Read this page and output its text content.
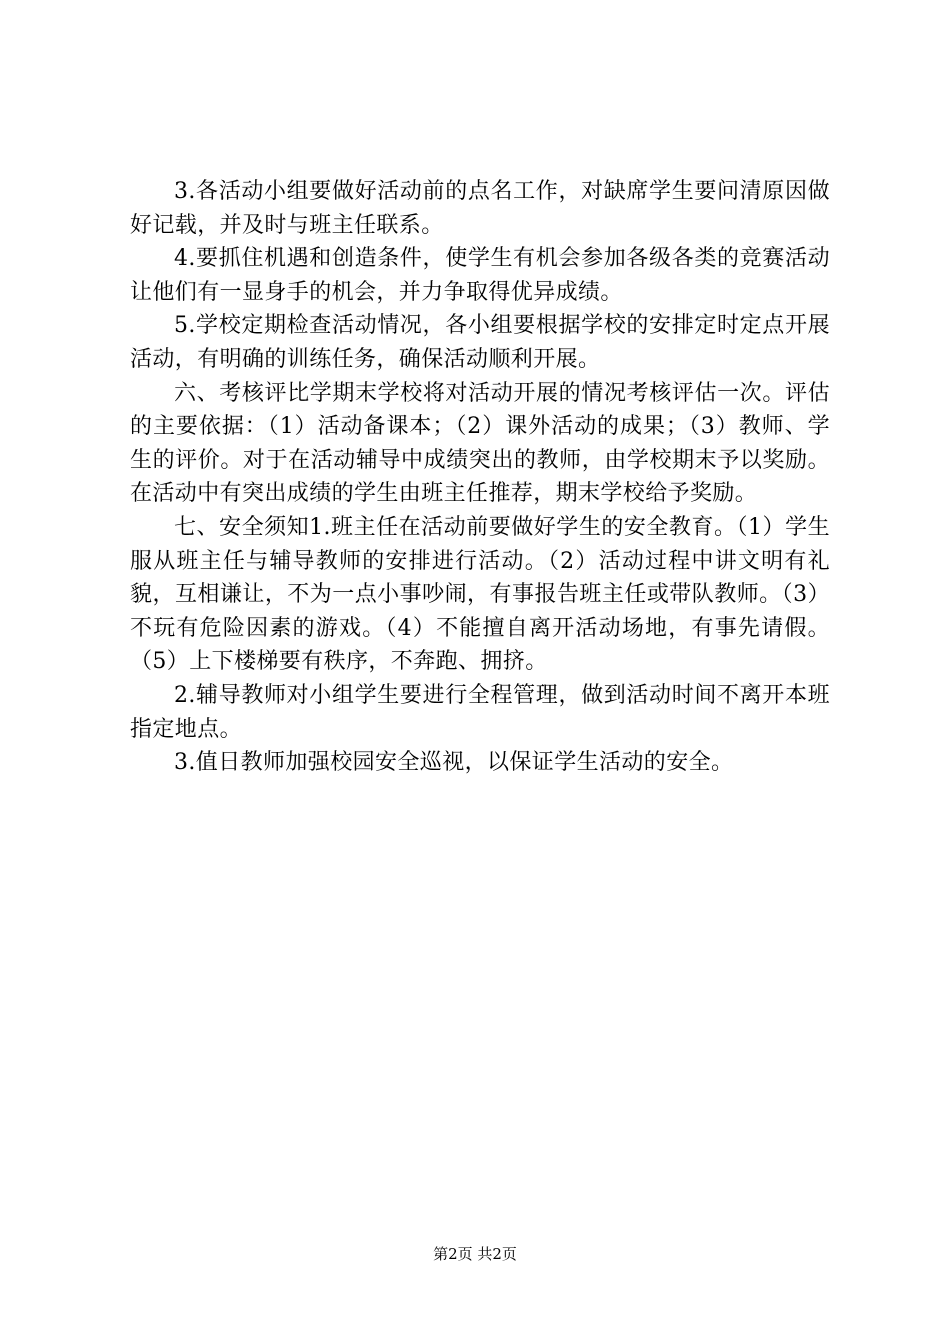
3.各活动小组要做好活动前的点名工作，对缺席学生要问清原因做好记载，并及时与班主任联系。

4.要抓住机遇和创造条件，使学生有机会参加各级各类的竞赛活动让他们有一显身手的机会，并力争取得优异成绩。

5.学校定期检查活动情况，各小组要根据学校的安排定时定点开展活动，有明确的训练任务，确保活动顺利开展。

六、考核评比学期末学校将对活动开展的情况考核评估一次。评估的主要依据：（1）活动备课本；（2）课外活动的成果；（3）教师、学生的评价。对于在活动辅导中成绩突出的教师，由学校期末予以奖励。在活动中有突出成绩的学生由班主任推荐，期末学校给予奖励。

七、安全须知1.班主任在活动前要做好学生的安全教育。（1）学生服从班主任与辅导教师的安排进行活动。（2）活动过程中讲文明有礼貌，互相谦让，不为一点小事吵闹，有事报告班主任或带队教师。（3）不玩有危险因素的游戏。（4）不能擅自离开活动场地，有事先请假。（5）上下楼梯要有秩序，不奔跑、拥挤。

2.辅导教师对小组学生要进行全程管理，做到活动时间不离开本班指定地点。

3.值日教师加强校园安全巡视，以保证学生活动的安全。

第2页 共2页
